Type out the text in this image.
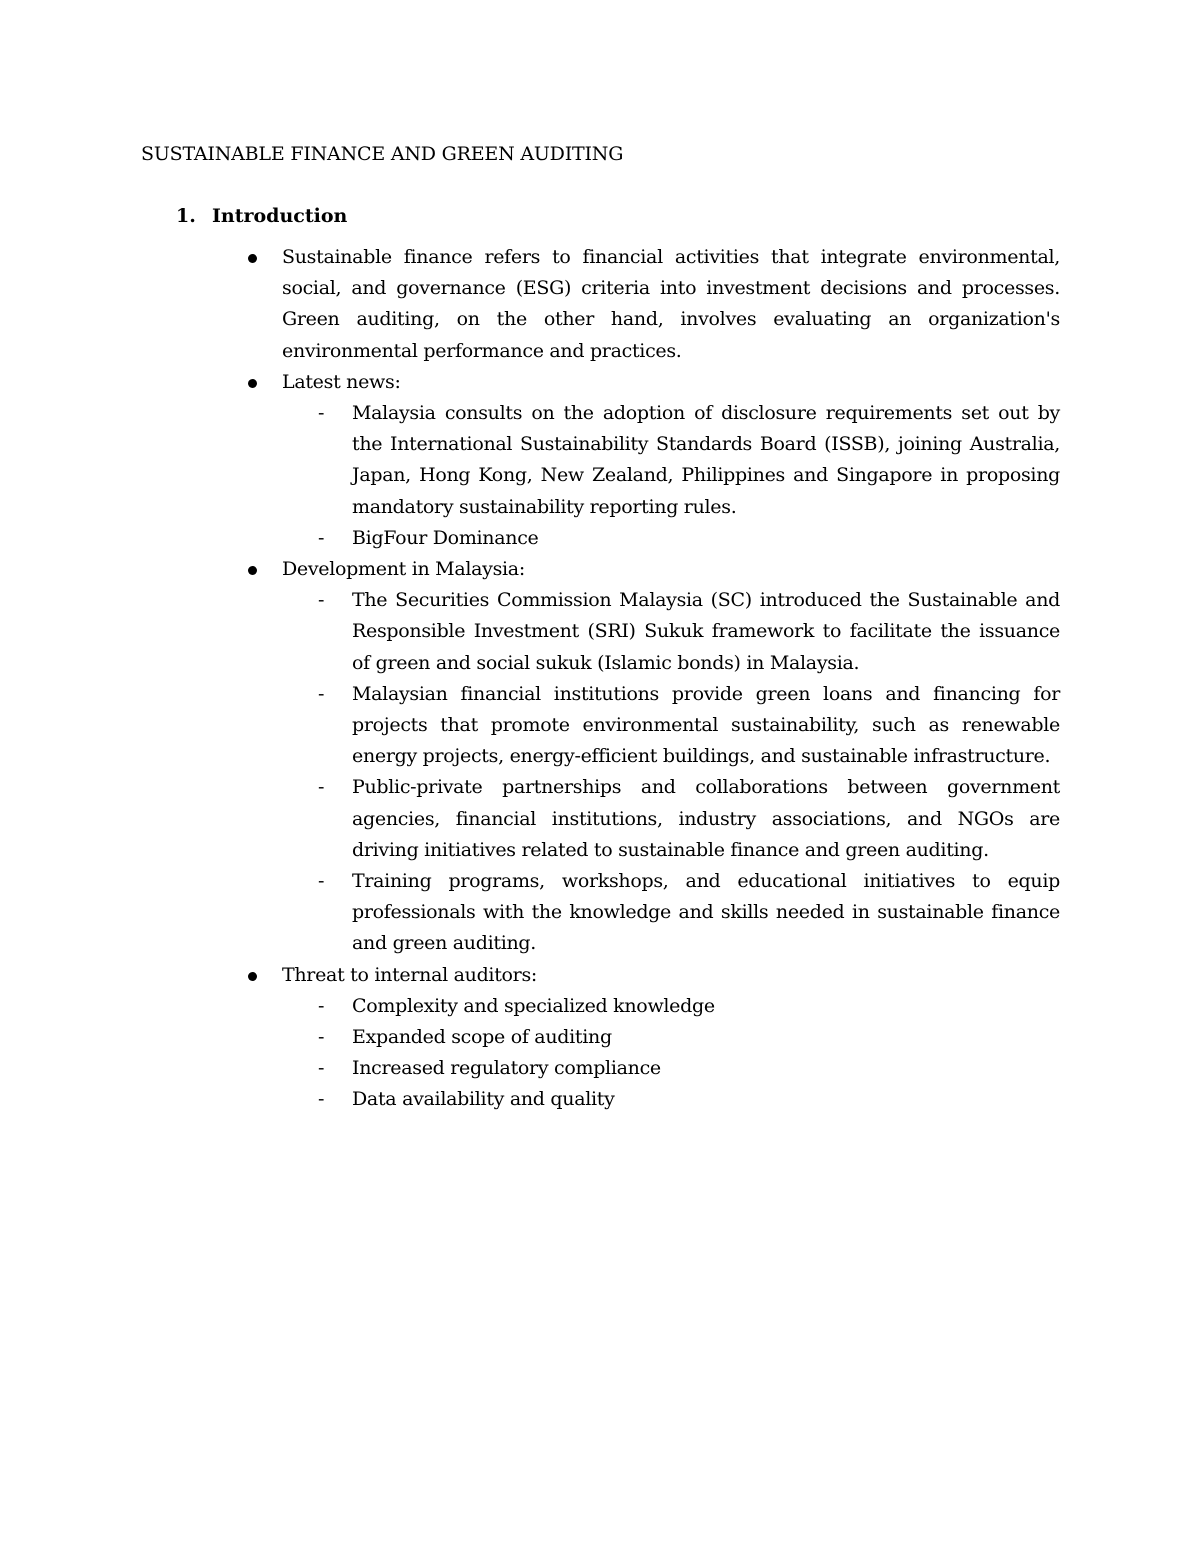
SUSTAINABLE FINANCE AND GREEN AUDITING
1. Introduction
Sustainable finance refers to financial activities that integrate environmental, social, and governance (ESG) criteria into investment decisions and processes. Green auditing, on the other hand, involves evaluating an organization's environmental performance and practices.
Latest news:
- Malaysia consults on the adoption of disclosure requirements set out by the International Sustainability Standards Board (ISSB), joining Australia, Japan, Hong Kong, New Zealand, Philippines and Singapore in proposing mandatory sustainability reporting rules.
- BigFour Dominance
Development in Malaysia:
- The Securities Commission Malaysia (SC) introduced the Sustainable and Responsible Investment (SRI) Sukuk framework to facilitate the issuance of green and social sukuk (Islamic bonds) in Malaysia.
- Malaysian financial institutions provide green loans and financing for projects that promote environmental sustainability, such as renewable energy projects, energy-efficient buildings, and sustainable infrastructure.
- Public-private partnerships and collaborations between government agencies, financial institutions, industry associations, and NGOs are driving initiatives related to sustainable finance and green auditing.
- Training programs, workshops, and educational initiatives to equip professionals with the knowledge and skills needed in sustainable finance and green auditing.
Threat to internal auditors:
- Complexity and specialized knowledge
- Expanded scope of auditing
- Increased regulatory compliance
- Data availability and quality
